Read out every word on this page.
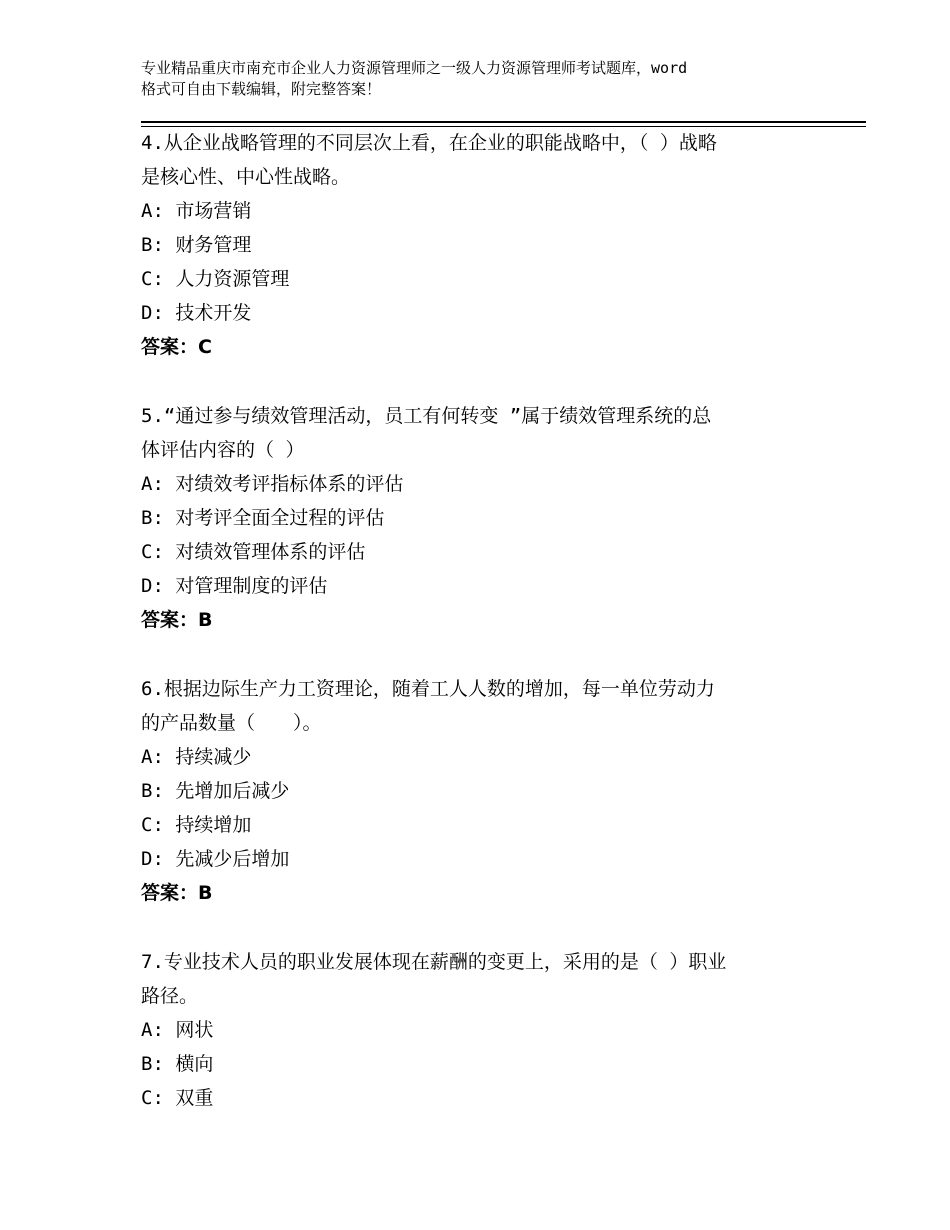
专业精品重庆市南充市企业人力资源管理师之一级人力资源管理师考试题库，word
格式可自由下载编辑，附完整答案！

4.从企业战略管理的不同层次上看，在企业的职能战略中，（ ）战略

是核心性、中心性战略。

A: 市场营销

B: 财务管理

C: 人力资源管理

D: 技术开发

答案：C

5.“通过参与绩效管理活动，员工有何转变 ”属于绩效管理系统的总

体评估内容的（ ）

A: 对绩效考评指标体系的评估

B: 对考评全面全过程的评估

C: 对绩效管理体系的评估

D: 对管理制度的评估

答案：B

6.根据边际生产力工资理论，随着工人人数的增加，每一单位劳动力

的产品数量（　　）。

A: 持续减少

B: 先增加后减少

C: 持续增加

D: 先减少后增加

答案：B

7.专业技术人员的职业发展体现在薪酬的变更上，采用的是（ ）职业

路径。

A: 网状

B: 横向

C: 双重
